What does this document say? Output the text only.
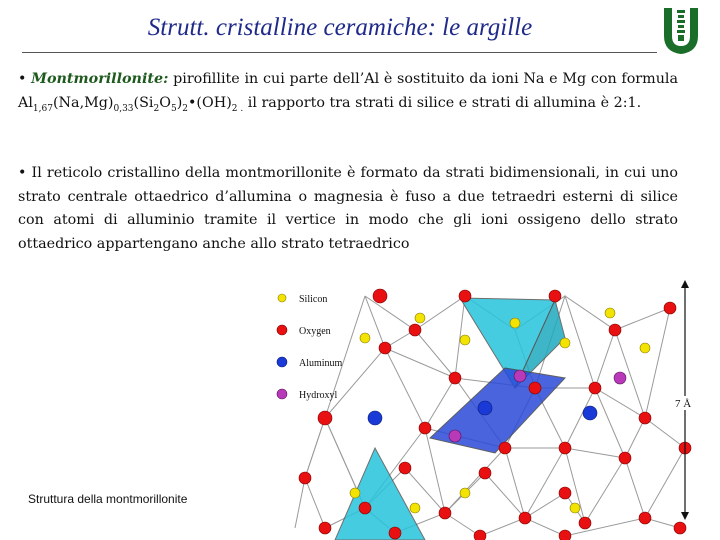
Strutt. cristalline ceramiche: le argille
• Montmorillonite: pirofillite in cui parte dell’Al è sostituito da ioni Na e Mg con formula $Al_{1,67}(Na,Mg)_{0,33}(Si_2O_5)_2•(OH)_{2 .}$ il rapporto tra strati di silice e strati di allumina è 2:1.
• Il reticolo cristallino della montmorillonite è formato da strati bidimensionali, in cui uno strato centrale ottaedrico d’allumina o magnesia è fuso a due tetraedri esterni di silice con atomi di alluminio tramite il vertice in modo che gli ioni ossigeno dello strato ottaedrico appartengano anche allo strato tetraedrico
Silicon
Oxygen
Aluminum
Hydroxyl
7 Å
Struttura della montmorillonite
